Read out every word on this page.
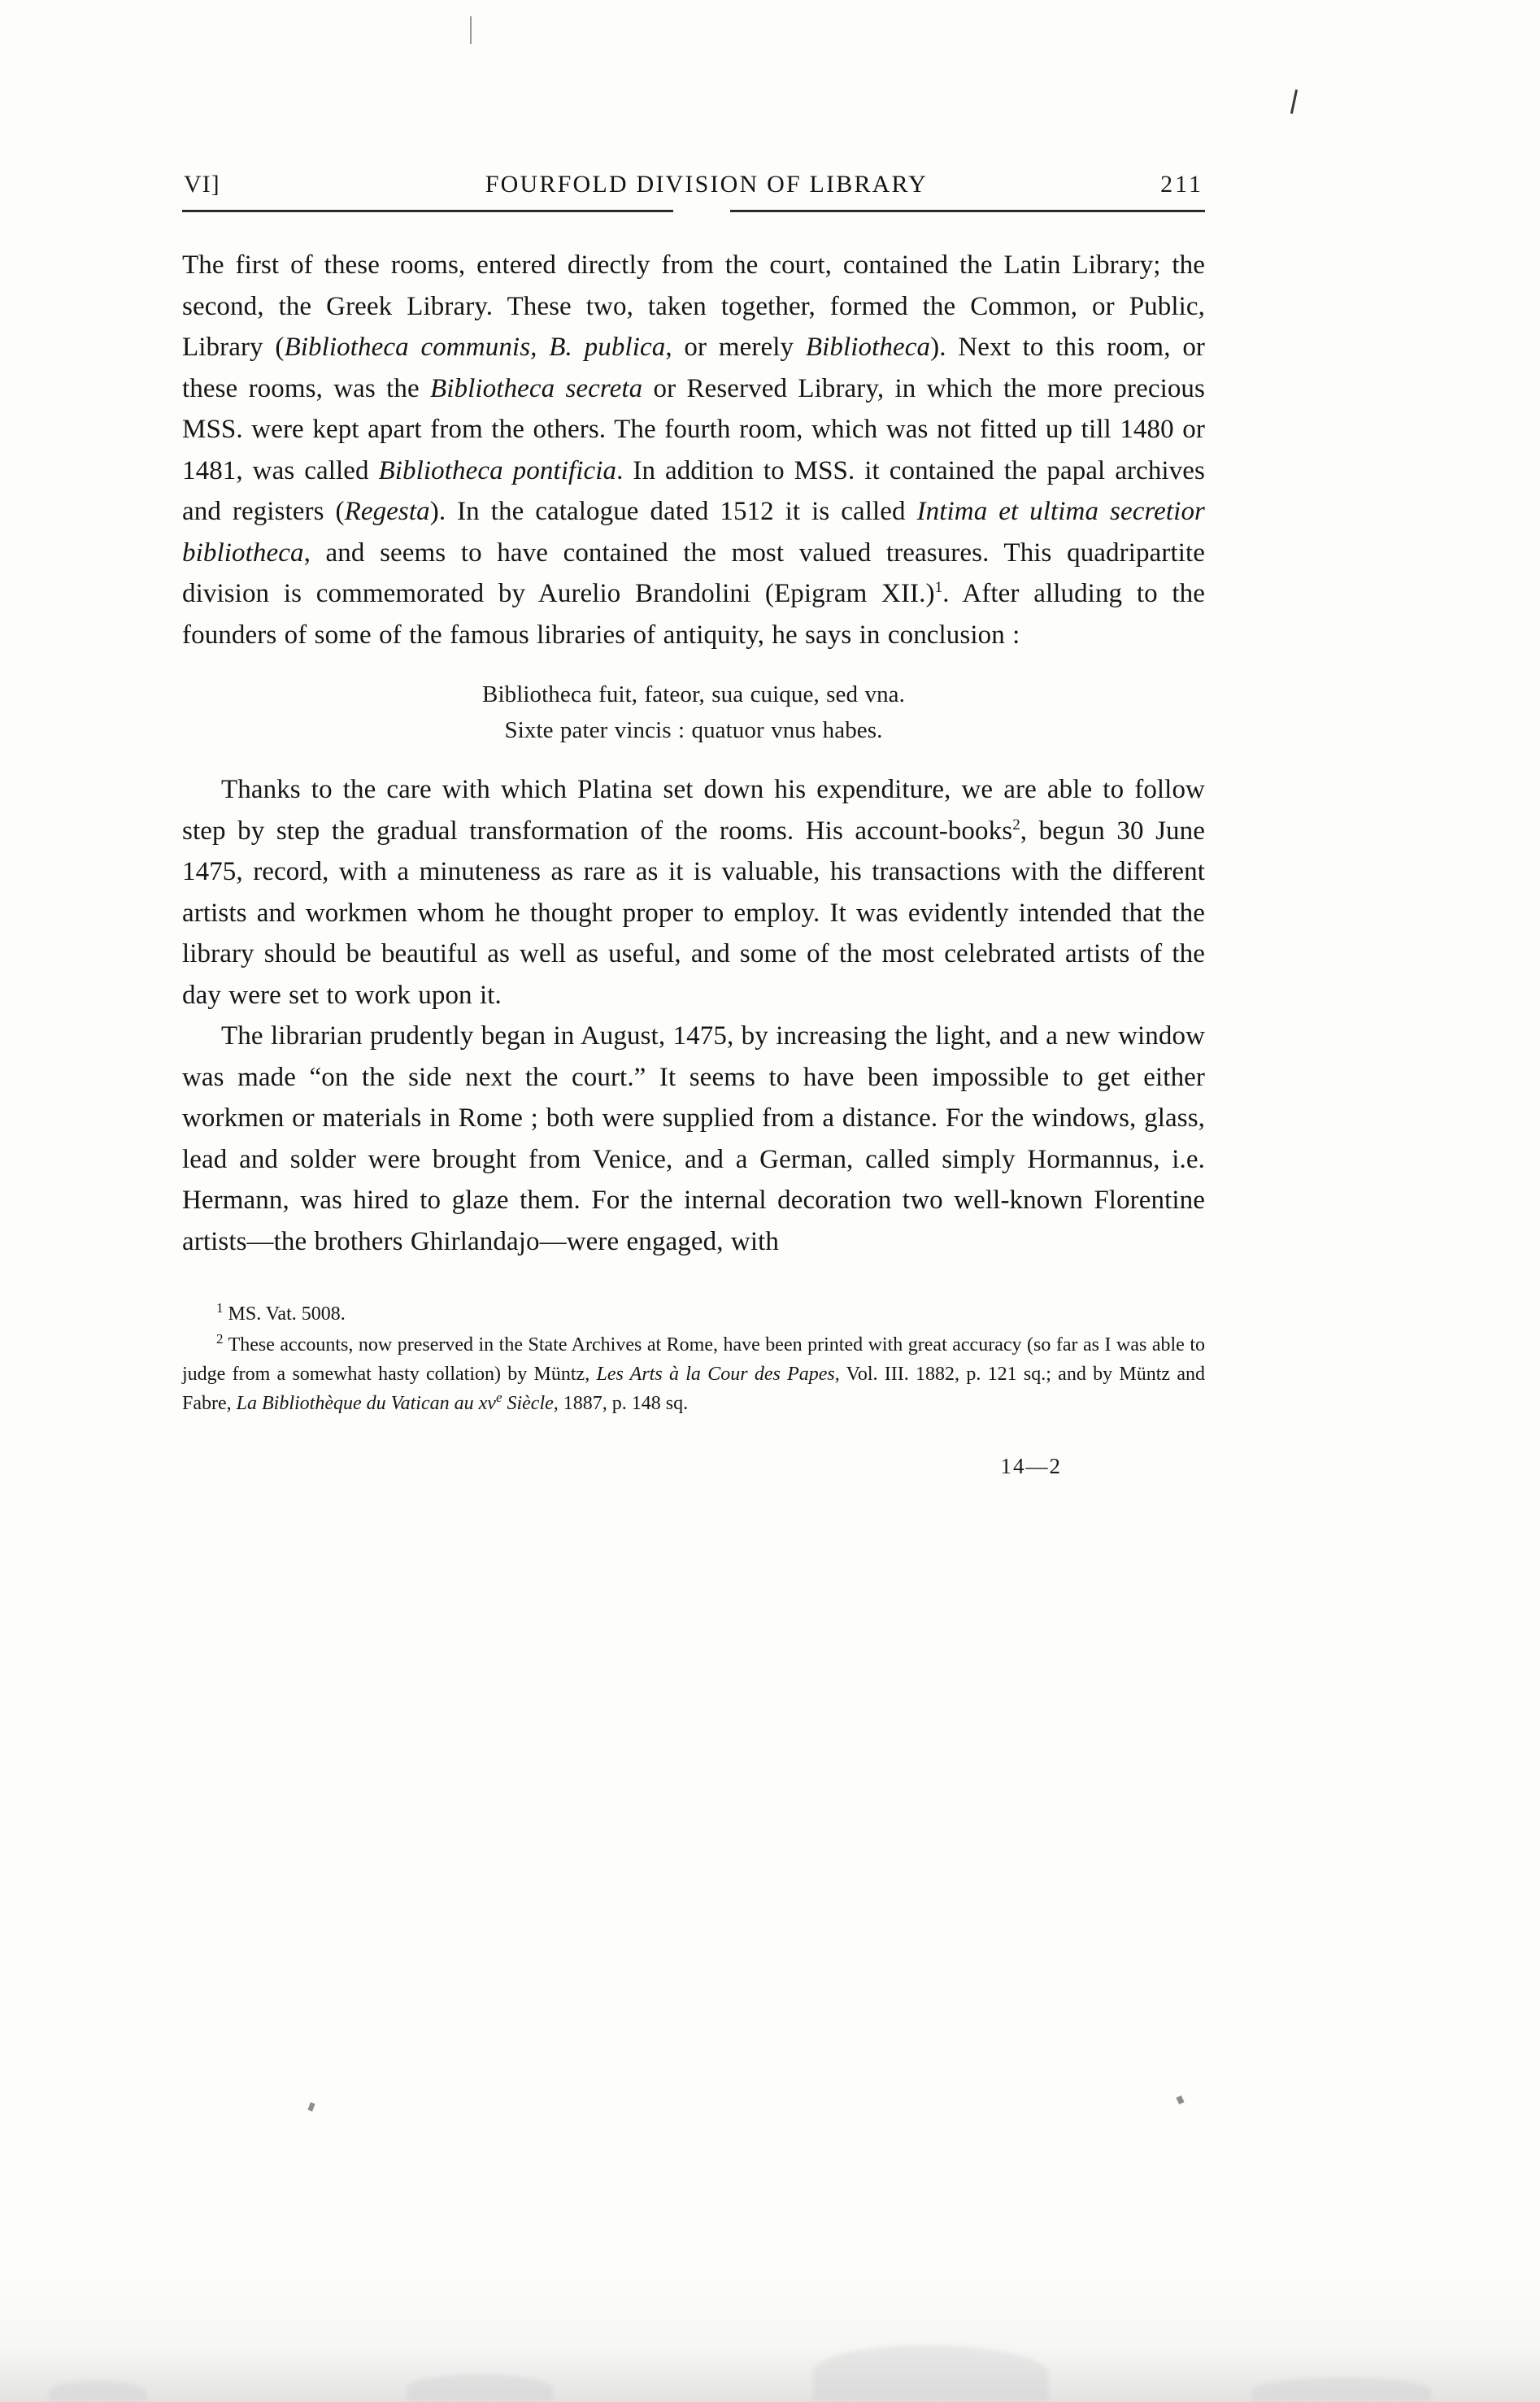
VI]	FOURFOLD DIVISION OF LIBRARY	211

The first of these rooms, entered directly from the court, contained the Latin Library; the second, the Greek Library. These two, taken together, formed the Common, or Public, Library (Bibliotheca communis, B. publica, or merely Bibliotheca). Next to this room, or these rooms, was the Bibliotheca secreta or Reserved Library, in which the more precious MSS. were kept apart from the others. The fourth room, which was not fitted up till 1480 or 1481, was called Bibliotheca pontificia. In addition to MSS. it contained the papal archives and registers (Regesta). In the catalogue dated 1512 it is called Intima et ultima secretior bibliotheca, and seems to have contained the most valued treasures. This quadripartite division is commemorated by Aurelio Brandolini (Epigram XII.)$^1$. After alluding to the founders of some of the famous libraries of antiquity, he says in conclusion :

Bibliotheca fuit, fateor, sua cuique, sed vna.
Sixte pater vincis : quatuor vnus habes.

Thanks to the care with which Platina set down his expenditure, we are able to follow step by step the gradual transformation of the rooms. His account-books$^2$, begun 30 June 1475, record, with a minuteness as rare as it is valuable, his transactions with the different artists and workmen whom he thought proper to employ. It was evidently intended that the library should be beautiful as well as useful, and some of the most celebrated artists of the day were set to work upon it.

The librarian prudently began in August, 1475, by increasing the light, and a new window was made “on the side next the court.” It seems to have been impossible to get either workmen or materials in Rome ; both were supplied from a distance. For the windows, glass, lead and solder were brought from Venice, and a German, called simply Hormannus, i.e. Hermann, was hired to glaze them. For the internal decoration two well-known Florentine artists—the brothers Ghirlandajo—were engaged, with

$^1$ MS. Vat. 5008.

$^2$ These accounts, now preserved in the State Archives at Rome, have been printed with great accuracy (so far as I was able to judge from a somewhat hasty collation) by Müntz, Les Arts à la Cour des Papes, Vol. III. 1882, p. 121 sq.; and by Müntz and Fabre, La Bibliothèque du Vatican au xv$^e$ Siècle, 1887, p. 148 sq.

14—2
